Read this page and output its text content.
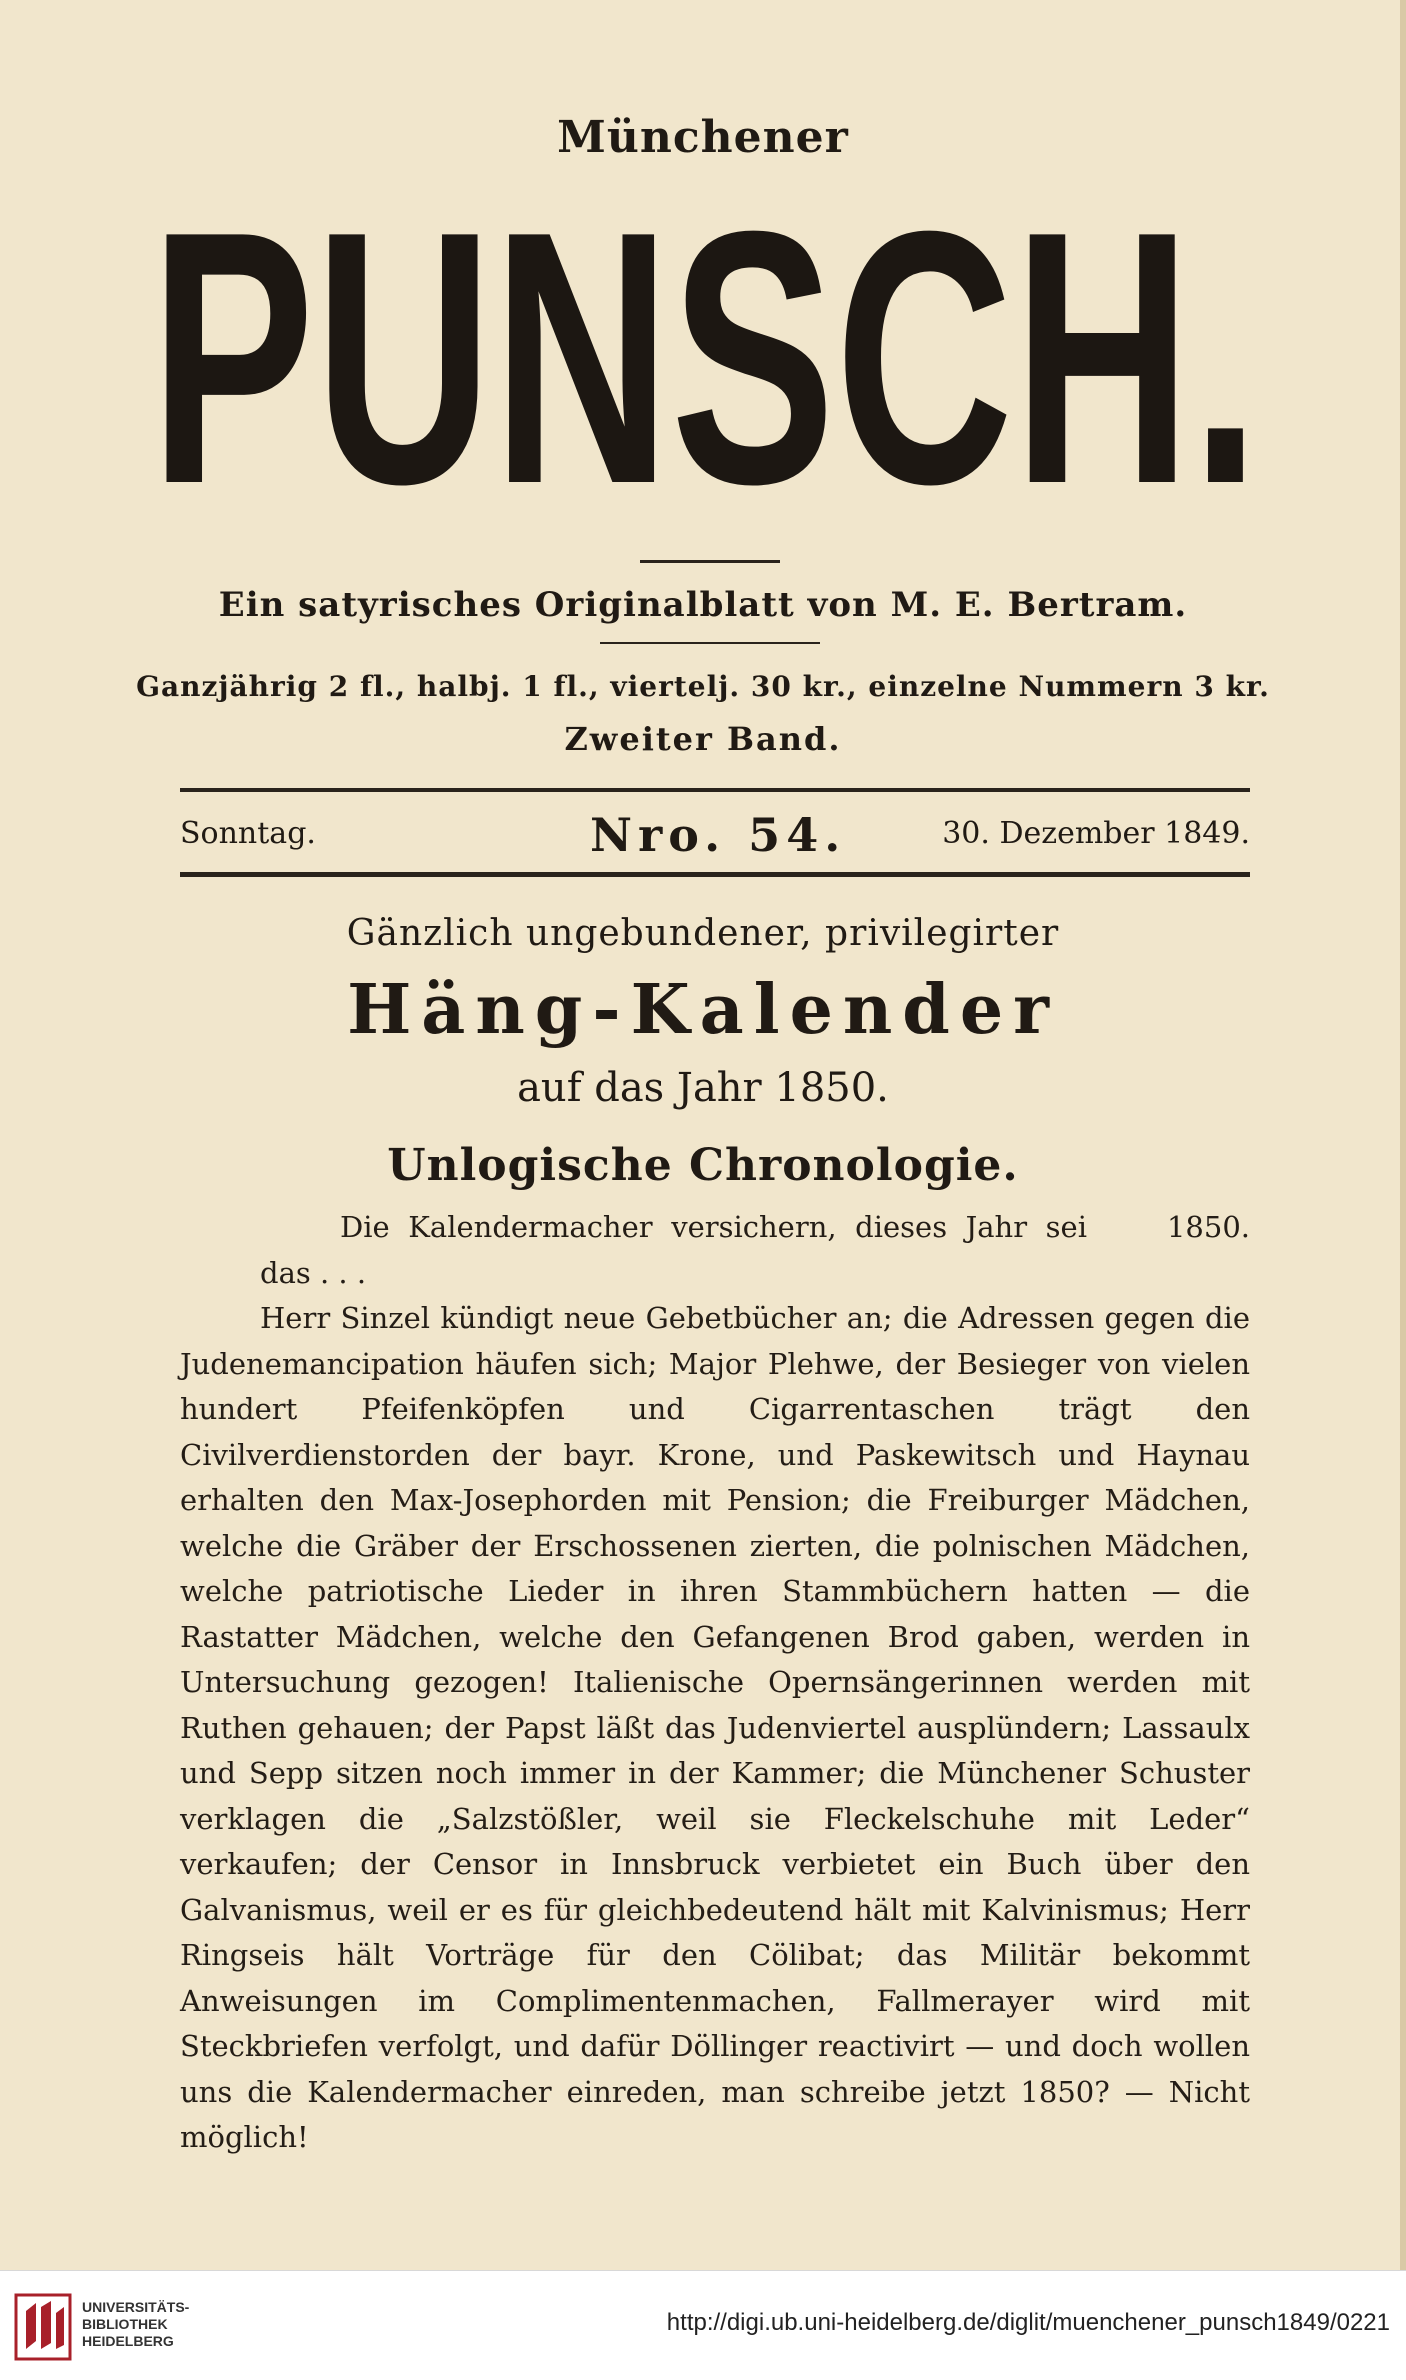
Münchener
PUNSCH.
Ein satyrisches Originalblatt von M. E. Bertram.
Ganzjährig 2 fl., halbj. 1 fl., viertelj. 30 kr., einzelne Nummern 3 kr.
Zweiter Band.
Sonntag.	Nro. 54.	30. Dezember 1849.
Gänzlich ungebundener, privilegirter
Häng-Kalender
auf das Jahr 1850.
Unlogische Chronologie.
Die Kalendermacher versichern, dieses Jahr sei das . . .
1850.

Herr Sinzel kündigt neue Gebetbücher an; die Adressen gegen die Judenemancipation häufen sich; Major Plehwe, der Besieger von vielen hundert Pfeifenköpfen und Cigarrentaschen trägt den Civilverdienstorden der bayr. Krone, und Paskewitsch und Haynau erhalten den Max-Josephorden mit Pension; die Freiburger Mädchen, welche die Gräber der Erschossenen zierten, die polnischen Mädchen, welche patriotische Lieder in ihren Stammbüchern hatten — die Rastatter Mädchen, welche den Gefangenen Brod gaben, werden in Untersuchung gezogen! Italienische Opernsängerinnen werden mit Ruthen gehauen; der Papst läßt das Judenviertel ausplündern; Lassaulx und Sepp sitzen noch immer in der Kammer; die Münchener Schuster verklagen die „Salzstößler, weil sie Fleckelschuhe mit Leder“ verkaufen; der Censor in Innsbruck verbietet ein Buch über den Galvanismus, weil er es für gleichbedeutend hält mit Kalvinismus; Herr Ringseis hält Vorträge für den Cölibat; das Militär bekommt Anweisungen im Complimentenmachen, Fallmerayer wird mit Steckbriefen verfolgt, und dafür Döllinger reactivirt — und doch wollen uns die Kalendermacher einreden, man schreibe jetzt 1850? — Nicht möglich!

UNIVERSITÄTS-
BIBLIOTHEK
HEIDELBERG
http://digi.ub.uni-heidelberg.de/diglit/muenchener_punsch1849/0221
